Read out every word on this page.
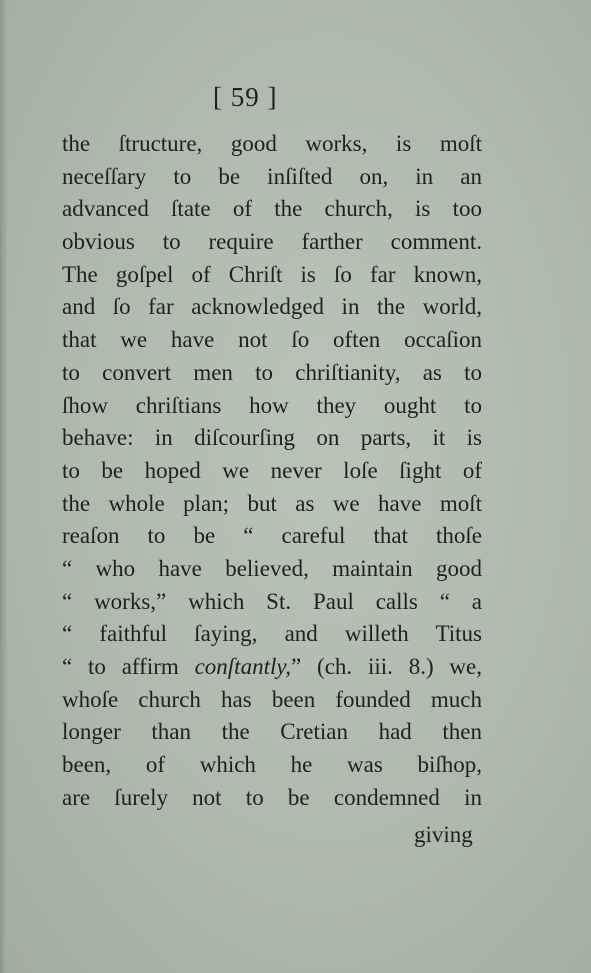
[ 59 ]
the ſtructure, good works, is moſt
neceſſary to be inſiſted on, in an
advanced ſtate of the church, is too
obvious to require farther comment.
The goſpel of Chriſt is ſo far known,
and ſo far acknowledged in the world,
that we have not ſo often occaſion
to convert men to chriſtianity, as to
ſhow chriſtians how they ought to
behave: in diſcourſing on parts, it is
to be hoped we never loſe ſight of
the whole plan; but as we have moſt
reaſon to be “ careful that thoſe
“ who have believed, maintain good
“ works,” which St. Paul calls “ a
“ faithful ſaying, and willeth Titus
“ to affirm conſtantly,” (ch. iii. 8.) we,
whoſe church has been founded much
longer than the Cretian had then
been, of which he was biſhop,
are ſurely not to be condemned in
giving
